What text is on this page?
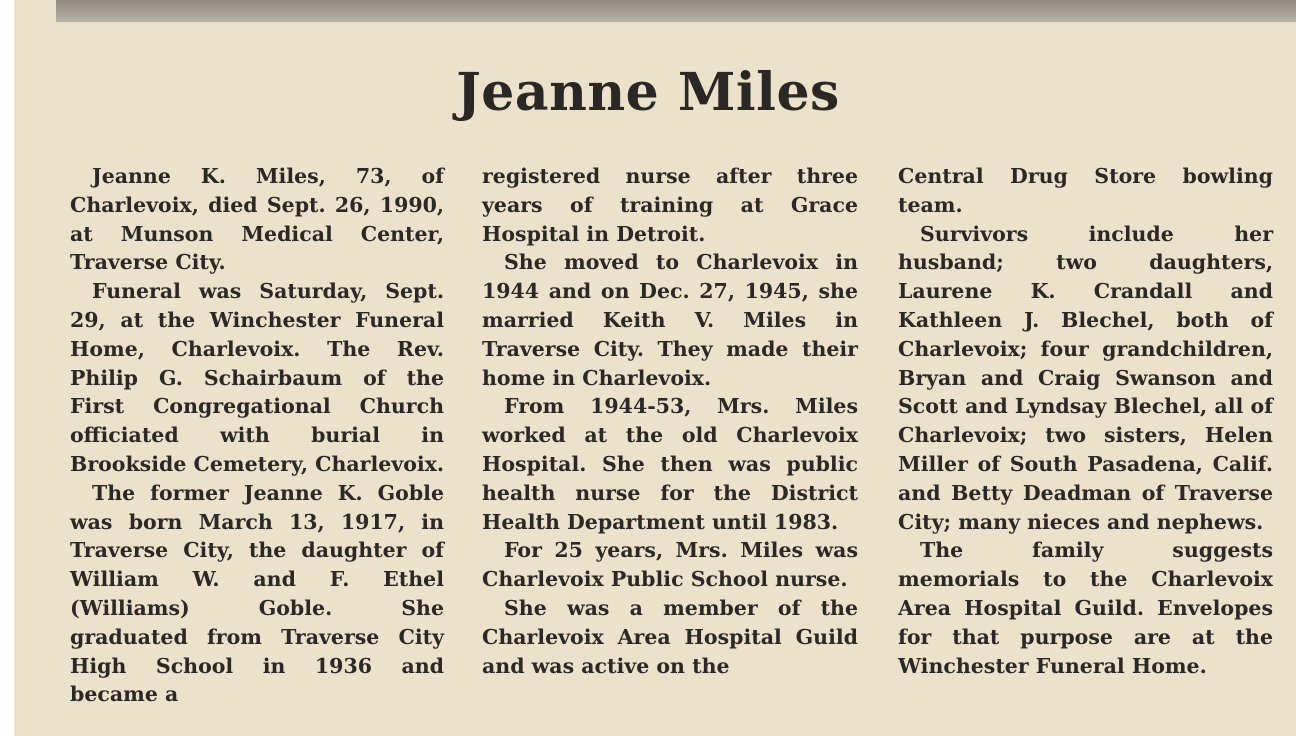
Jeanne Miles

Jeanne K. Miles, 73, of Charlevoix, died Sept. 26, 1990, at Munson Medical Center, Traverse City.

Funeral was Saturday, Sept. 29, at the Winchester Funeral Home, Charlevoix. The Rev. Philip G. Schairbaum of the First Congregational Church officiated with burial in Brookside Cemetery, Charlevoix.

The former Jeanne K. Goble was born March 13, 1917, in Traverse City, the daughter of William W. and F. Ethel (Williams) Goble. She graduated from Traverse City High School in 1936 and became a

registered nurse after three years of training at Grace Hospital in Detroit.

She moved to Charlevoix in 1944 and on Dec. 27, 1945, she married Keith V. Miles in Traverse City. They made their home in Charlevoix.

From 1944-53, Mrs. Miles worked at the old Charlevoix Hospital. She then was public health nurse for the District Health Department until 1983.

For 25 years, Mrs. Miles was Charlevoix Public School nurse.

She was a member of the Charlevoix Area Hospital Guild and was active on the

Central Drug Store bowling team.

Survivors include her husband; two daughters, Laurene K. Crandall and Kathleen J. Blechel, both of Charlevoix; four grandchildren, Bryan and Craig Swanson and Scott and Lyndsay Blechel, all of Charlevoix; two sisters, Helen Miller of South Pasadena, Calif. and Betty Deadman of Traverse City; many nieces and nephews.

The family suggests memorials to the Charlevoix Area Hospital Guild. Envelopes for that purpose are at the Winchester Funeral Home.
